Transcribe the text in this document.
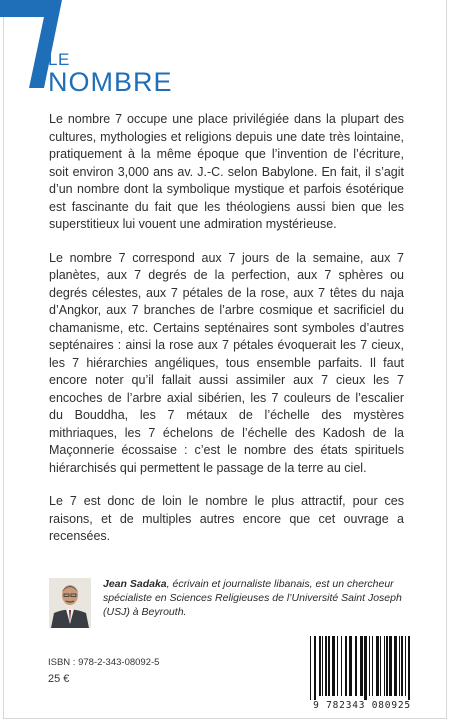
LE
NOMBRE

Le nombre 7 occupe une place privilégiée dans la plupart des cultures, mythologies et religions depuis une date très lointaine, pratiquement à la même époque que l’invention de l’écriture, soit environ 3,000 ans av. J.-C. selon Babylone. En fait, il s’agit d’un nombre dont la symbolique mystique et parfois ésotérique est fascinante du fait que les théologiens aussi bien que les superstitieux lui vouent une admiration mystérieuse.

Le nombre 7 correspond aux 7 jours de la semaine, aux 7 planètes, aux 7 degrés de la perfection, aux 7 sphères ou degrés célestes, aux 7 pétales de la rose, aux 7 têtes du naja d’Angkor, aux 7 branches de l’arbre cosmique et sacrificiel du chamanisme, etc. Certains septénaires sont symboles d’autres septénaires : ainsi la rose aux 7 pétales évoquerait les 7 cieux, les 7 hiérarchies angéliques, tous ensemble parfaits. Il faut encore noter qu’il fallait aussi assimiler aux 7 cieux les 7 encoches de l’arbre axial sibérien, les 7 couleurs de l’escalier du Bouddha, les 7 métaux de l’échelle des mystères mithriaques, les 7 échelons de l’échelle des Kadosh de la Maçonnerie écossaise : c’est le nombre des états spirituels hiérarchisés qui permettent le passage de la terre au ciel.

Le 7 est donc de loin le nombre le plus attractif, pour ces raisons, et de multiples autres encore que cet ouvrage a recensées.

Jean Sadaka, écrivain et journaliste libanais, est un chercheur spécialiste en Sciences Religieuses de l’Université Saint Joseph (USJ) à Beyrouth.
ISBN : 978-2-343-08092-5
25 €
9 782343 080925
